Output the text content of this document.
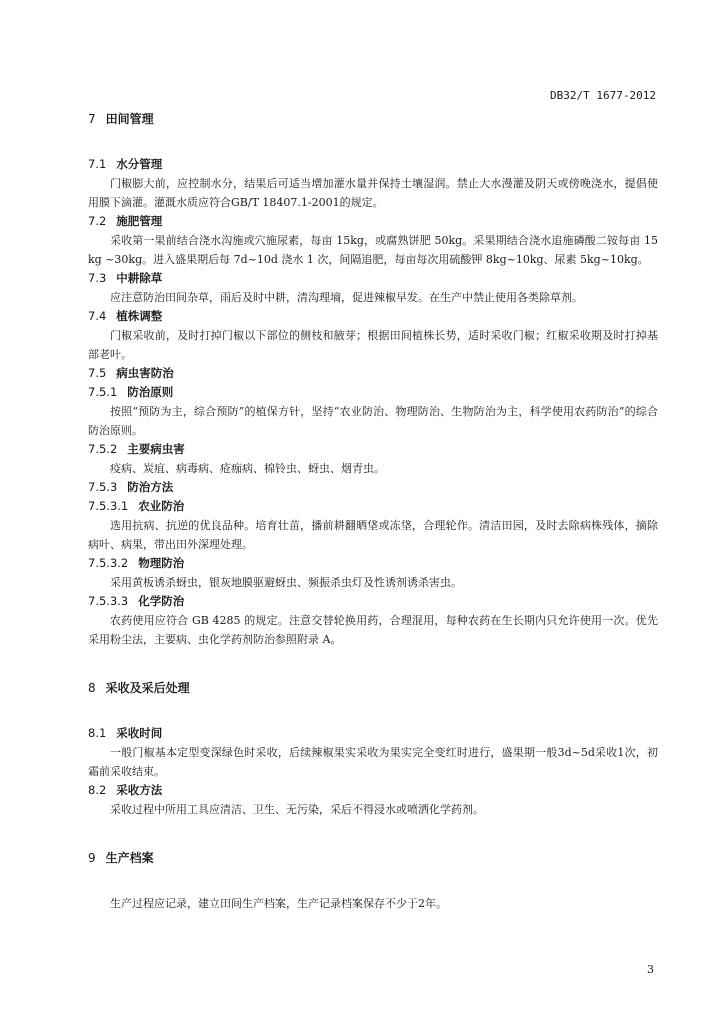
DB32/T 1677-2012
7 田间管理
7.1 水分管理

门椒膨大前，应控制水分，结果后可适当增加灌水量并保持土壤湿润。禁止大水漫灌及阴天或傍晚浇水，提倡使用膜下滴灌。灌溉水质应符合GB/T 18407.1-2001的规定。

7.2 施肥管理

采收第一果前结合浇水沟施或穴施尿素，每亩 15kg，或腐熟饼肥 50kg。采果期结合浇水追施磷酸二铵每亩 15 kg ~30kg。进入盛果期后每 7d~10d 浇水 1 次，间隔追肥，每亩每次用硫酸钾 8kg~10kg、尿素 5kg~10kg。

7.3 中耕除草

应注意防治田间杂草，雨后及时中耕，清沟理墒，促进辣椒早发。在生产中禁止使用各类除草剂。

7.4 植株调整

门椒采收前，及时打掉门椒以下部位的侧枝和腋芽；根据田间植株长势，适时采收门椒；红椒采收期及时打掉基部老叶。

7.5 病虫害防治
7.5.1 防治原则

按照“预防为主，综合预防”的植保方针，坚持“农业防治、物理防治、生物防治为主，科学使用农药防治”的综合防治原则。

7.5.2 主要病虫害

疫病、炭疽、病毒病、疮痂病、棉铃虫、蚜虫、烟青虫。

7.5.3 防治方法
7.5.3.1 农业防治

选用抗病、抗逆的优良品种。培育壮苗，播前耕翻晒垡或冻垡，合理轮作。清洁田园，及时去除病株残体，摘除病叶、病果，带出田外深埋处理。

7.5.3.2 物理防治

采用黄板诱杀蚜虫，银灰地膜驱避蚜虫、频振杀虫灯及性诱剂诱杀害虫。

7.5.3.3 化学防治

农药使用应符合 GB 4285 的规定。注意交替轮换用药，合理混用，每种农药在生长期内只允许使用一次。优先采用粉尘法，主要病、虫化学药剂防治参照附录 A。

8 采收及采后处理
8.1 采收时间

一般门椒基本定型变深绿色时采收，后续辣椒果实采收为果实完全变红时进行，盛果期一般3d~5d采收1次，初霜前采收结束。

8.2 采收方法

采收过程中所用工具应清洁、卫生、无污染，采后不得浸水或喷洒化学药剂。

9 生产档案

生产过程应记录，建立田间生产档案，生产记录档案保存不少于2年。

3
